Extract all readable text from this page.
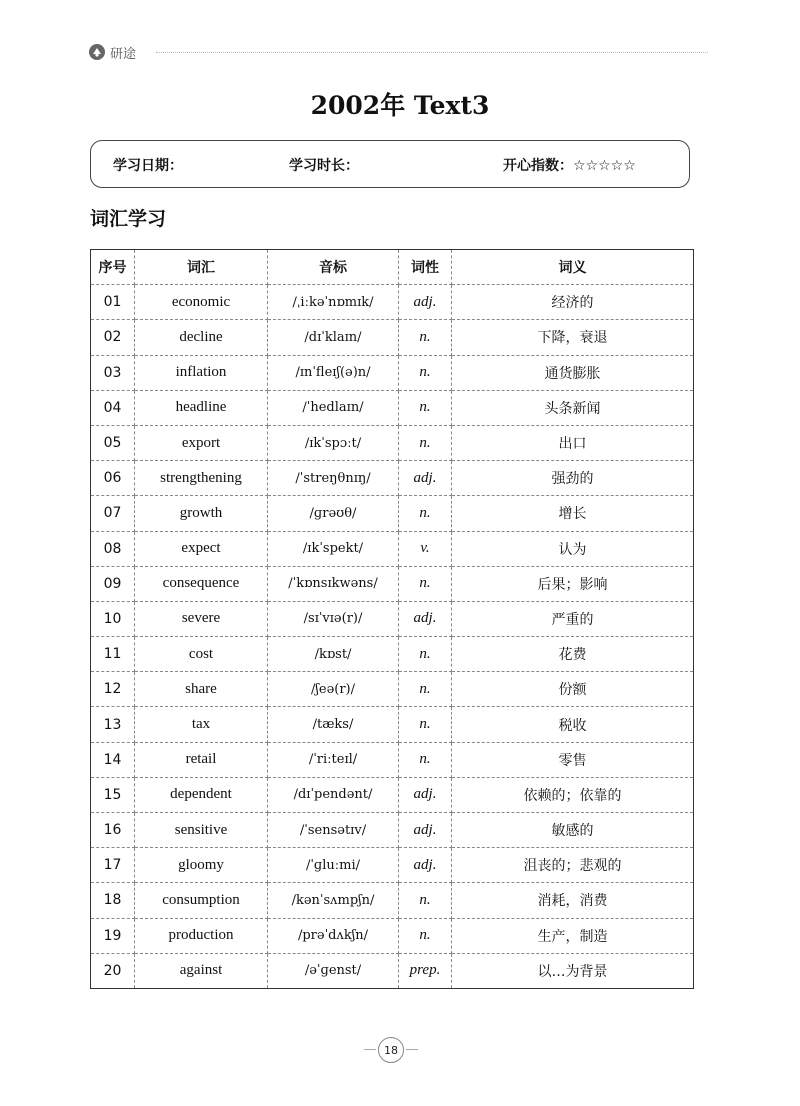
研途
2002年 Text3
学习日期：	学习时长：	开心指数：☆☆☆☆☆
词汇学习
序号	词汇	音标	词性	词义
01	economic	/ˌiːkəˈnɒmɪk/	adj.	经济的
02	decline	/dɪˈklaɪn/	n.	下降，衰退
03	inflation	/ɪnˈfleɪʃ(ə)n/	n.	通货膨胀
04	headline	/ˈhedlaɪn/	n.	头条新闻
05	export	/ɪkˈspɔːt/	n.	出口
06	strengthening	/ˈstreŋθnɪŋ/	adj.	强劲的
07	growth	/ɡrəʊθ/	n.	增长
08	expect	/ɪkˈspekt/	v.	认为
09	consequence	/ˈkɒnsɪkwəns/	n.	后果；影响
10	severe	/sɪˈvɪə(r)/	adj.	严重的
11	cost	/kɒst/	n.	花费
12	share	/ʃeə(r)/	n.	份额
13	tax	/tæks/	n.	税收
14	retail	/ˈriːteɪl/	n.	零售
15	dependent	/dɪˈpendənt/	adj.	依赖的；依靠的
16	sensitive	/ˈsensətɪv/	adj.	敏感的
17	gloomy	/ˈɡluːmi/	adj.	沮丧的；悲观的
18	consumption	/kənˈsʌmpʃn/	n.	消耗，消费
19	production	/prəˈdʌkʃn/	n.	生产，制造
20	against	/əˈɡenst/	prep.	以…为背景
18
